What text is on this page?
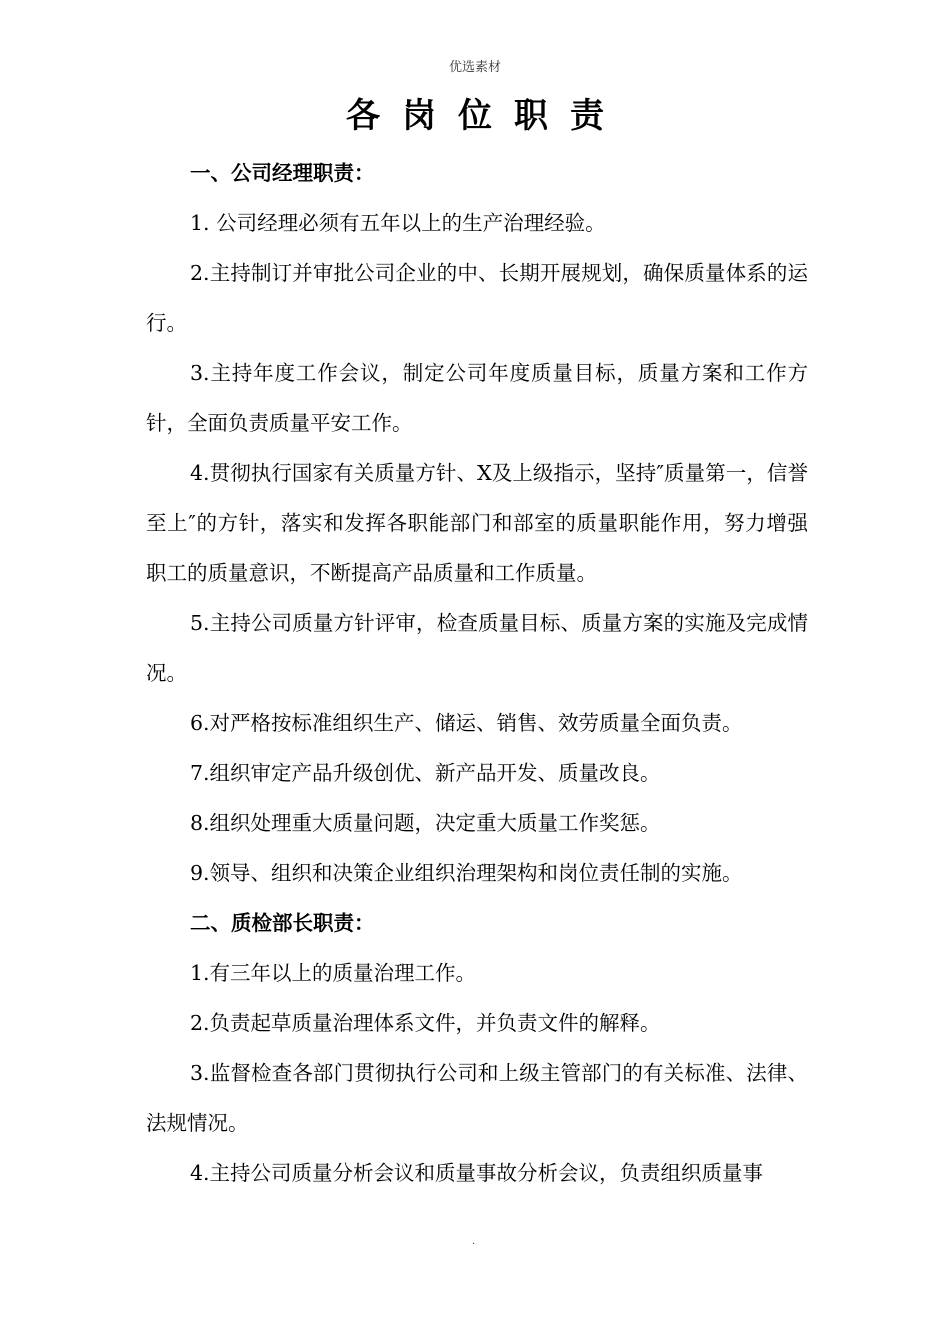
优选素材
各岗位职责

一、公司经理职责：

1. 公司经理必须有五年以上的生产治理经验。

2.主持制订并审批公司企业的中、长期开展规划，确保质量体系的运行。

3.主持年度工作会议，制定公司年度质量目标，质量方案和工作方针，全面负责质量平安工作。

4.贯彻执行国家有关质量方针、X及上级指示，坚持″质量第一，信誉至上″的方针，落实和发挥各职能部门和部室的质量职能作用，努力增强职工的质量意识，不断提高产品质量和工作质量。

5.主持公司质量方针评审，检查质量目标、质量方案的实施及完成情况。

6.对严格按标准组织生产、储运、销售、效劳质量全面负责。

7.组织审定产品升级创优、新产品开发、质量改良。

8.组织处理重大质量问题，决定重大质量工作奖惩。

9.领导、组织和决策企业组织治理架构和岗位责任制的实施。

二、质检部长职责：

1.有三年以上的质量治理工作。

2.负责起草质量治理体系文件，并负责文件的解释。

3.监督检查各部门贯彻执行公司和上级主管部门的有关标准、法律、法规情况。

4.主持公司质量分析会议和质量事故分析会议，负责组织质量事

.
